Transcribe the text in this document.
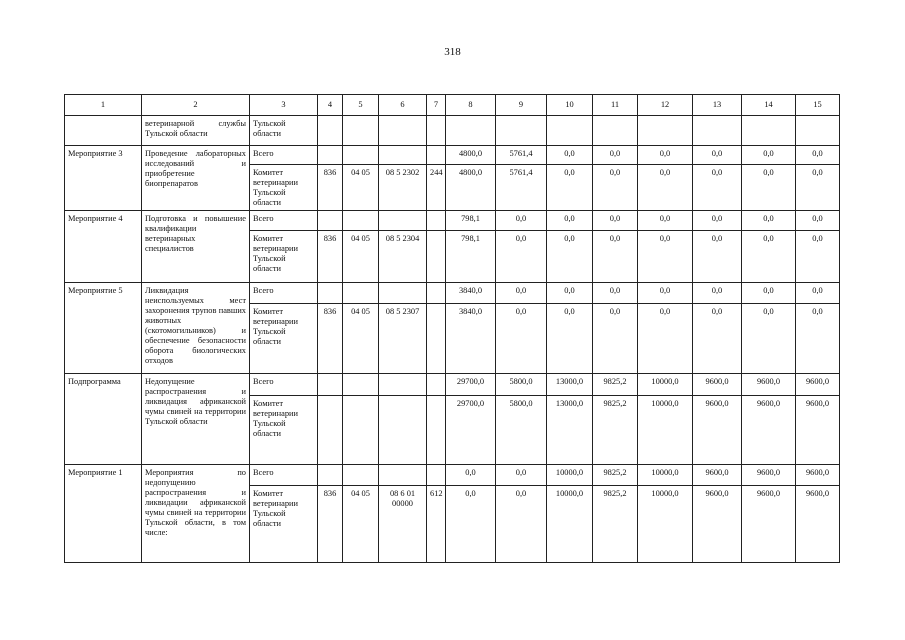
318
1	2	3	4	5	6	7	8	9	10	11	12	13	14	15
	ветеринарной службы Тульской области	Тульской области												
Мероприятие 3	Проведение лабораторных исследований и приобретение биопрепаратов	Всего					4800,0	5761,4	0,0	0,0	0,0	0,0	0,0	0,0
		Комитет ветеринарии Тульской области	836	04 05	08 5 2302	244	4800,0	5761,4	0,0	0,0	0,0	0,0	0,0	0,0
Мероприятие 4	Подготовка и повышение квалификации ветеринарных специалистов	Всего					798,1	0,0	0,0	0,0	0,0	0,0	0,0	0,0
		Комитет ветеринарии Тульской области	836	04 05	08 5 2304		798,1	0,0	0,0	0,0	0,0	0,0	0,0	0,0
Мероприятие 5	Ликвидация неиспользуемых мест захоронения трупов павших животных (скотомогильников) и обеспечение безопасности оборота биологических отходов	Всего					3840,0	0,0	0,0	0,0	0,0	0,0	0,0	0,0
		Комитет ветеринарии Тульской области	836	04 05	08 5 2307		3840,0	0,0	0,0	0,0	0,0	0,0	0,0	0,0
Подпрограмма	Недопущение распространения и ликвидация африканской чумы свиней на территории Тульской области	Всего					29700,0	5800,0	13000,0	9825,2	10000,0	9600,0	9600,0	9600,0
		Комитет ветеринарии Тульской области					29700,0	5800,0	13000,0	9825,2	10000,0	9600,0	9600,0	9600,0
Мероприятие 1	Мероприятия по недопущению распространения и ликвидации африканской чумы свиней на территории Тульской области, в том числе:	Всего					0,0	0,0	10000,0	9825,2	10000,0	9600,0	9600,0	9600,0
		Комитет ветеринарии Тульской области	836	04 05	08 6 01 00000	612	0,0	0,0	10000,0	9825,2	10000,0	9600,0	9600,0	9600,0
